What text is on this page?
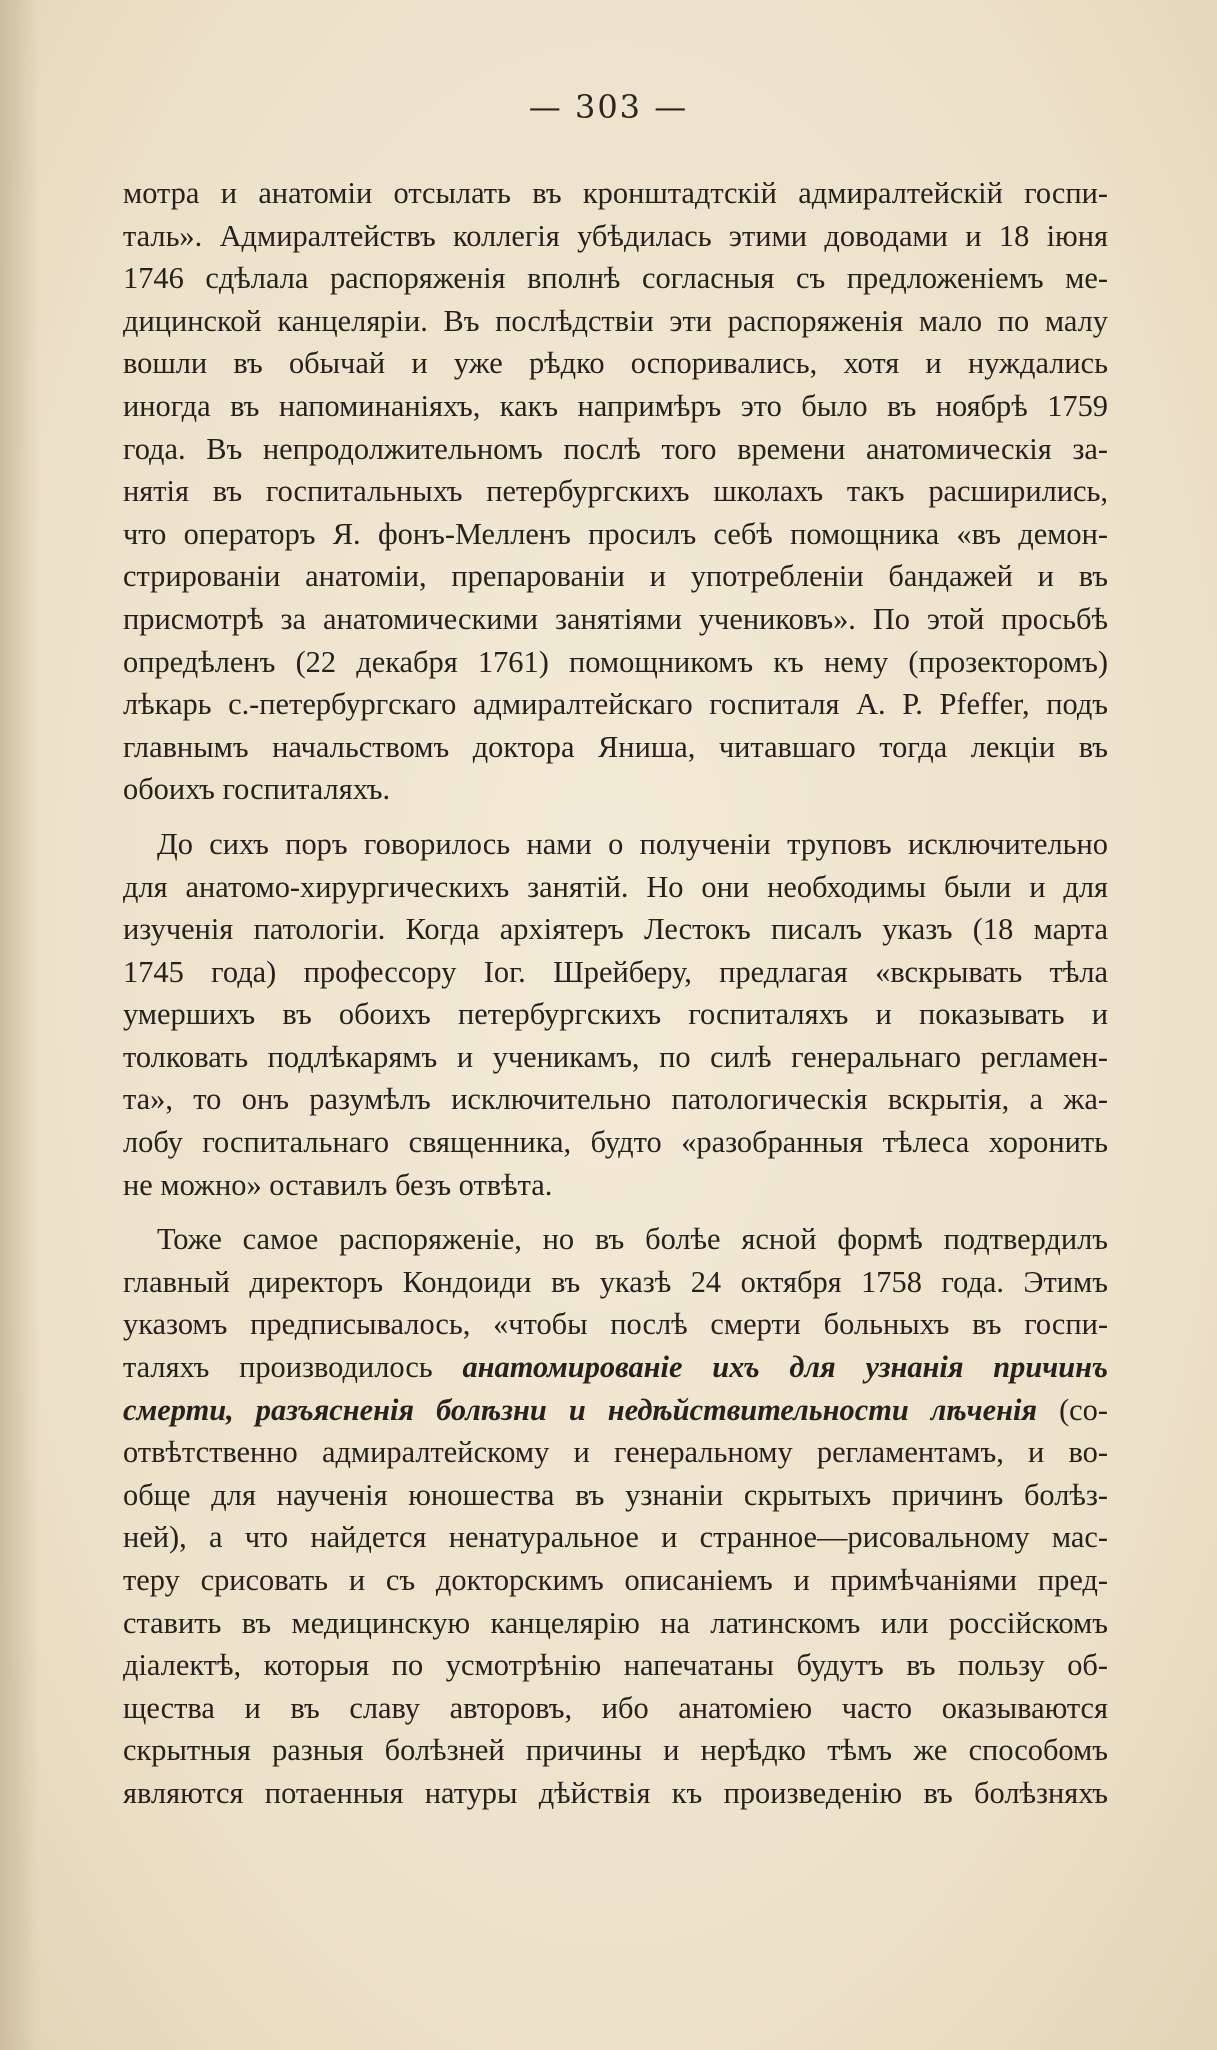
— 303 —
мотра и анатоміи отсылать въ кронштадтскій адмиралтейскій госпи-
таль». Адмиралтействъ коллегія убѣдилась этими доводами и 18 іюня
1746 сдѣлала распоряженія вполнѣ согласныя съ предложеніемъ ме-
дицинской канцеляріи. Въ послѣдствіи эти распоряженія мало по малу
вошли въ обычай и уже рѣдко оспоривались, хотя и нуждались
иногда въ напоминаніяхъ, какъ напримѣръ это было въ ноябрѣ 1759
года. Въ непродолжительномъ послѣ того времени анатомическія за-
нятія въ госпитальныхъ петербургскихъ школахъ такъ расширились,
что операторъ Я. фонъ-Мелленъ просилъ себѣ помощника «въ демон-
стрированіи анатоміи, препарованіи и употребленіи бандажей и въ
присмотрѣ за анатомическими занятіями учениковъ». По этой просьбѣ
опредѣленъ (22 декабря 1761) помощникомъ къ нему (прозекторомъ)
лѣкарь с.-петербургскаго адмиралтейскаго госпиталя А. Р. Pfeffer, подъ
главнымъ начальствомъ доктора Яниша, читавшаго тогда лекціи въ
обоихъ госпиталяхъ.
До сихъ поръ говорилось нами о полученіи труповъ исключительно
для анатомо-хирургическихъ занятій. Но они необходимы были и для
изученія патологіи. Когда архіятеръ Лестокъ писалъ указъ (18 марта
1745 года) профессору Іог. Шрейберу, предлагая «вскрывать тѣла
умершихъ въ обоихъ петербургскихъ госпиталяхъ и показывать и
толковать подлѣкарямъ и ученикамъ, по силѣ генеральнаго регламен-
та», то онъ разумѣлъ исключительно патологическія вскрытія, а жа-
лобу госпитальнаго священника, будто «разобранныя тѣлеса хоронить
не можно» оставилъ безъ отвѣта.
Тоже самое распоряженіе, но въ болѣе ясной формѣ подтвердилъ
главный директоръ Кондоиди въ указѣ 24 октября 1758 года. Этимъ
указомъ предписывалось, «чтобы послѣ смерти больныхъ въ госпи-
таляхъ производилось анатомированіе ихъ для узнанія причинъ
смерти, разъясненія болѣзни и недѣйствительности лѣченія (со-
отвѣтственно адмиралтейскому и генеральному регламентамъ, и во-
обще для наученія юношества въ узнаніи скрытыхъ причинъ болѣз-
ней), а что найдется ненатуральное и странное—рисовальному мас-
теру срисовать и съ докторскимъ описаніемъ и примѣчаніями пред-
ставить въ медицинскую канцелярію на латинскомъ или россійскомъ
діалектѣ, которыя по усмотрѣнію напечатаны будутъ въ пользу об-
щества и въ славу авторовъ, ибо анатоміею часто оказываются
скрытныя разныя болѣзней причины и нерѣдко тѣмъ же способомъ
являются потаенныя натуры дѣйствія къ произведенію въ болѣзняхъ
